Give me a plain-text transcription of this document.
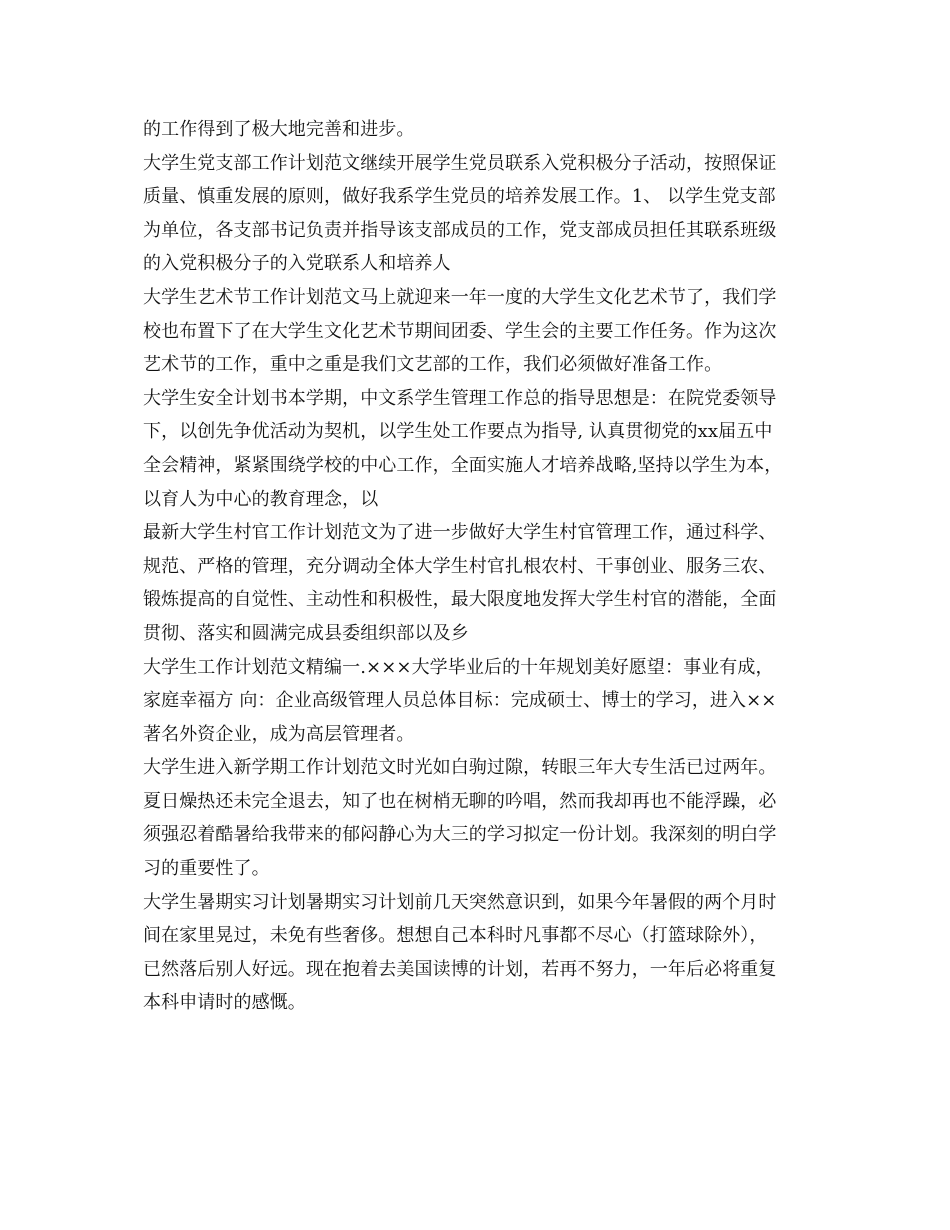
的工作得到了极大地完善和进步。

大学生党支部工作计划范文继续开展学生党员联系入党积极分子活动，按照保证
质量、慎重发展的原则，做好我系学生党员的培养发展工作。1、 以学生党支部
为单位，各支部书记负责并指导该支部成员的工作，党支部成员担任其联系班级
的入党积极分子的入党联系人和培养人

大学生艺术节工作计划范文马上就迎来一年一度的大学生文化艺术节了，我们学
校也布置下了在大学生文化艺术节期间团委、学生会的主要工作任务。作为这次
艺术节的工作，重中之重是我们文艺部的工作，我们必须做好准备工作。

大学生安全计划书本学期，中文系学生管理工作总的指导思想是：在院党委领导
下，以创先争优活动为契机，以学生处工作要点为指导, 认真贯彻党的xx届五中
全会精神，紧紧围绕学校的中心工作，全面实施人才培养战略,坚持以学生为本，
以育人为中心的教育理念，以

最新大学生村官工作计划范文为了进一步做好大学生村官管理工作，通过科学、
规范、严格的管理，充分调动全体大学生村官扎根农村、干事创业、服务三农、
锻炼提高的自觉性、主动性和积极性，最大限度地发挥大学生村官的潜能，全面
贯彻、落实和圆满完成县委组织部以及乡

大学生工作计划范文精编一.×××大学毕业后的十年规划美好愿望：事业有成，
家庭幸福方 向：企业高级管理人员总体目标：完成硕士、博士的学习，进入××
著名外资企业，成为高层管理者。

大学生进入新学期工作计划范文时光如白驹过隙，转眼三年大专生活已过两年。
夏日燥热还未完全退去，知了也在树梢无聊的吟唱，然而我却再也不能浮躁，必
须强忍着酷暑给我带来的郁闷静心为大三的学习拟定一份计划。我深刻的明白学
习的重要性了。

大学生暑期实习计划暑期实习计划前几天突然意识到，如果今年暑假的两个月时
间在家里晃过，未免有些奢侈。想想自己本科时凡事都不尽心（打篮球除外），
已然落后别人好远。现在抱着去美国读博的计划，若再不努力，一年后必将重复
本科申请时的感慨。
